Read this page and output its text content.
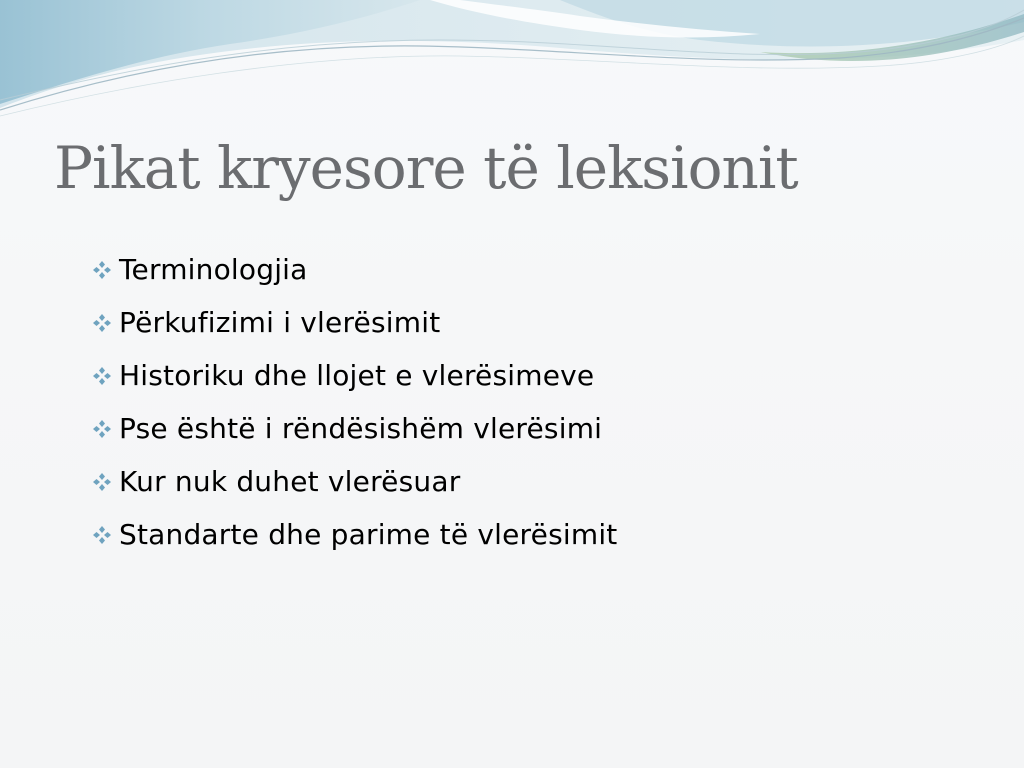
Pikat kryesore të leksionit
Terminologjia
Përkufizimi i vlerësimit
Historiku dhe llojet e vlerësimeve
Pse është i rëndësishëm vlerësimi
Kur nuk duhet vlerësuar
Standarte dhe parime të vlerësimit
